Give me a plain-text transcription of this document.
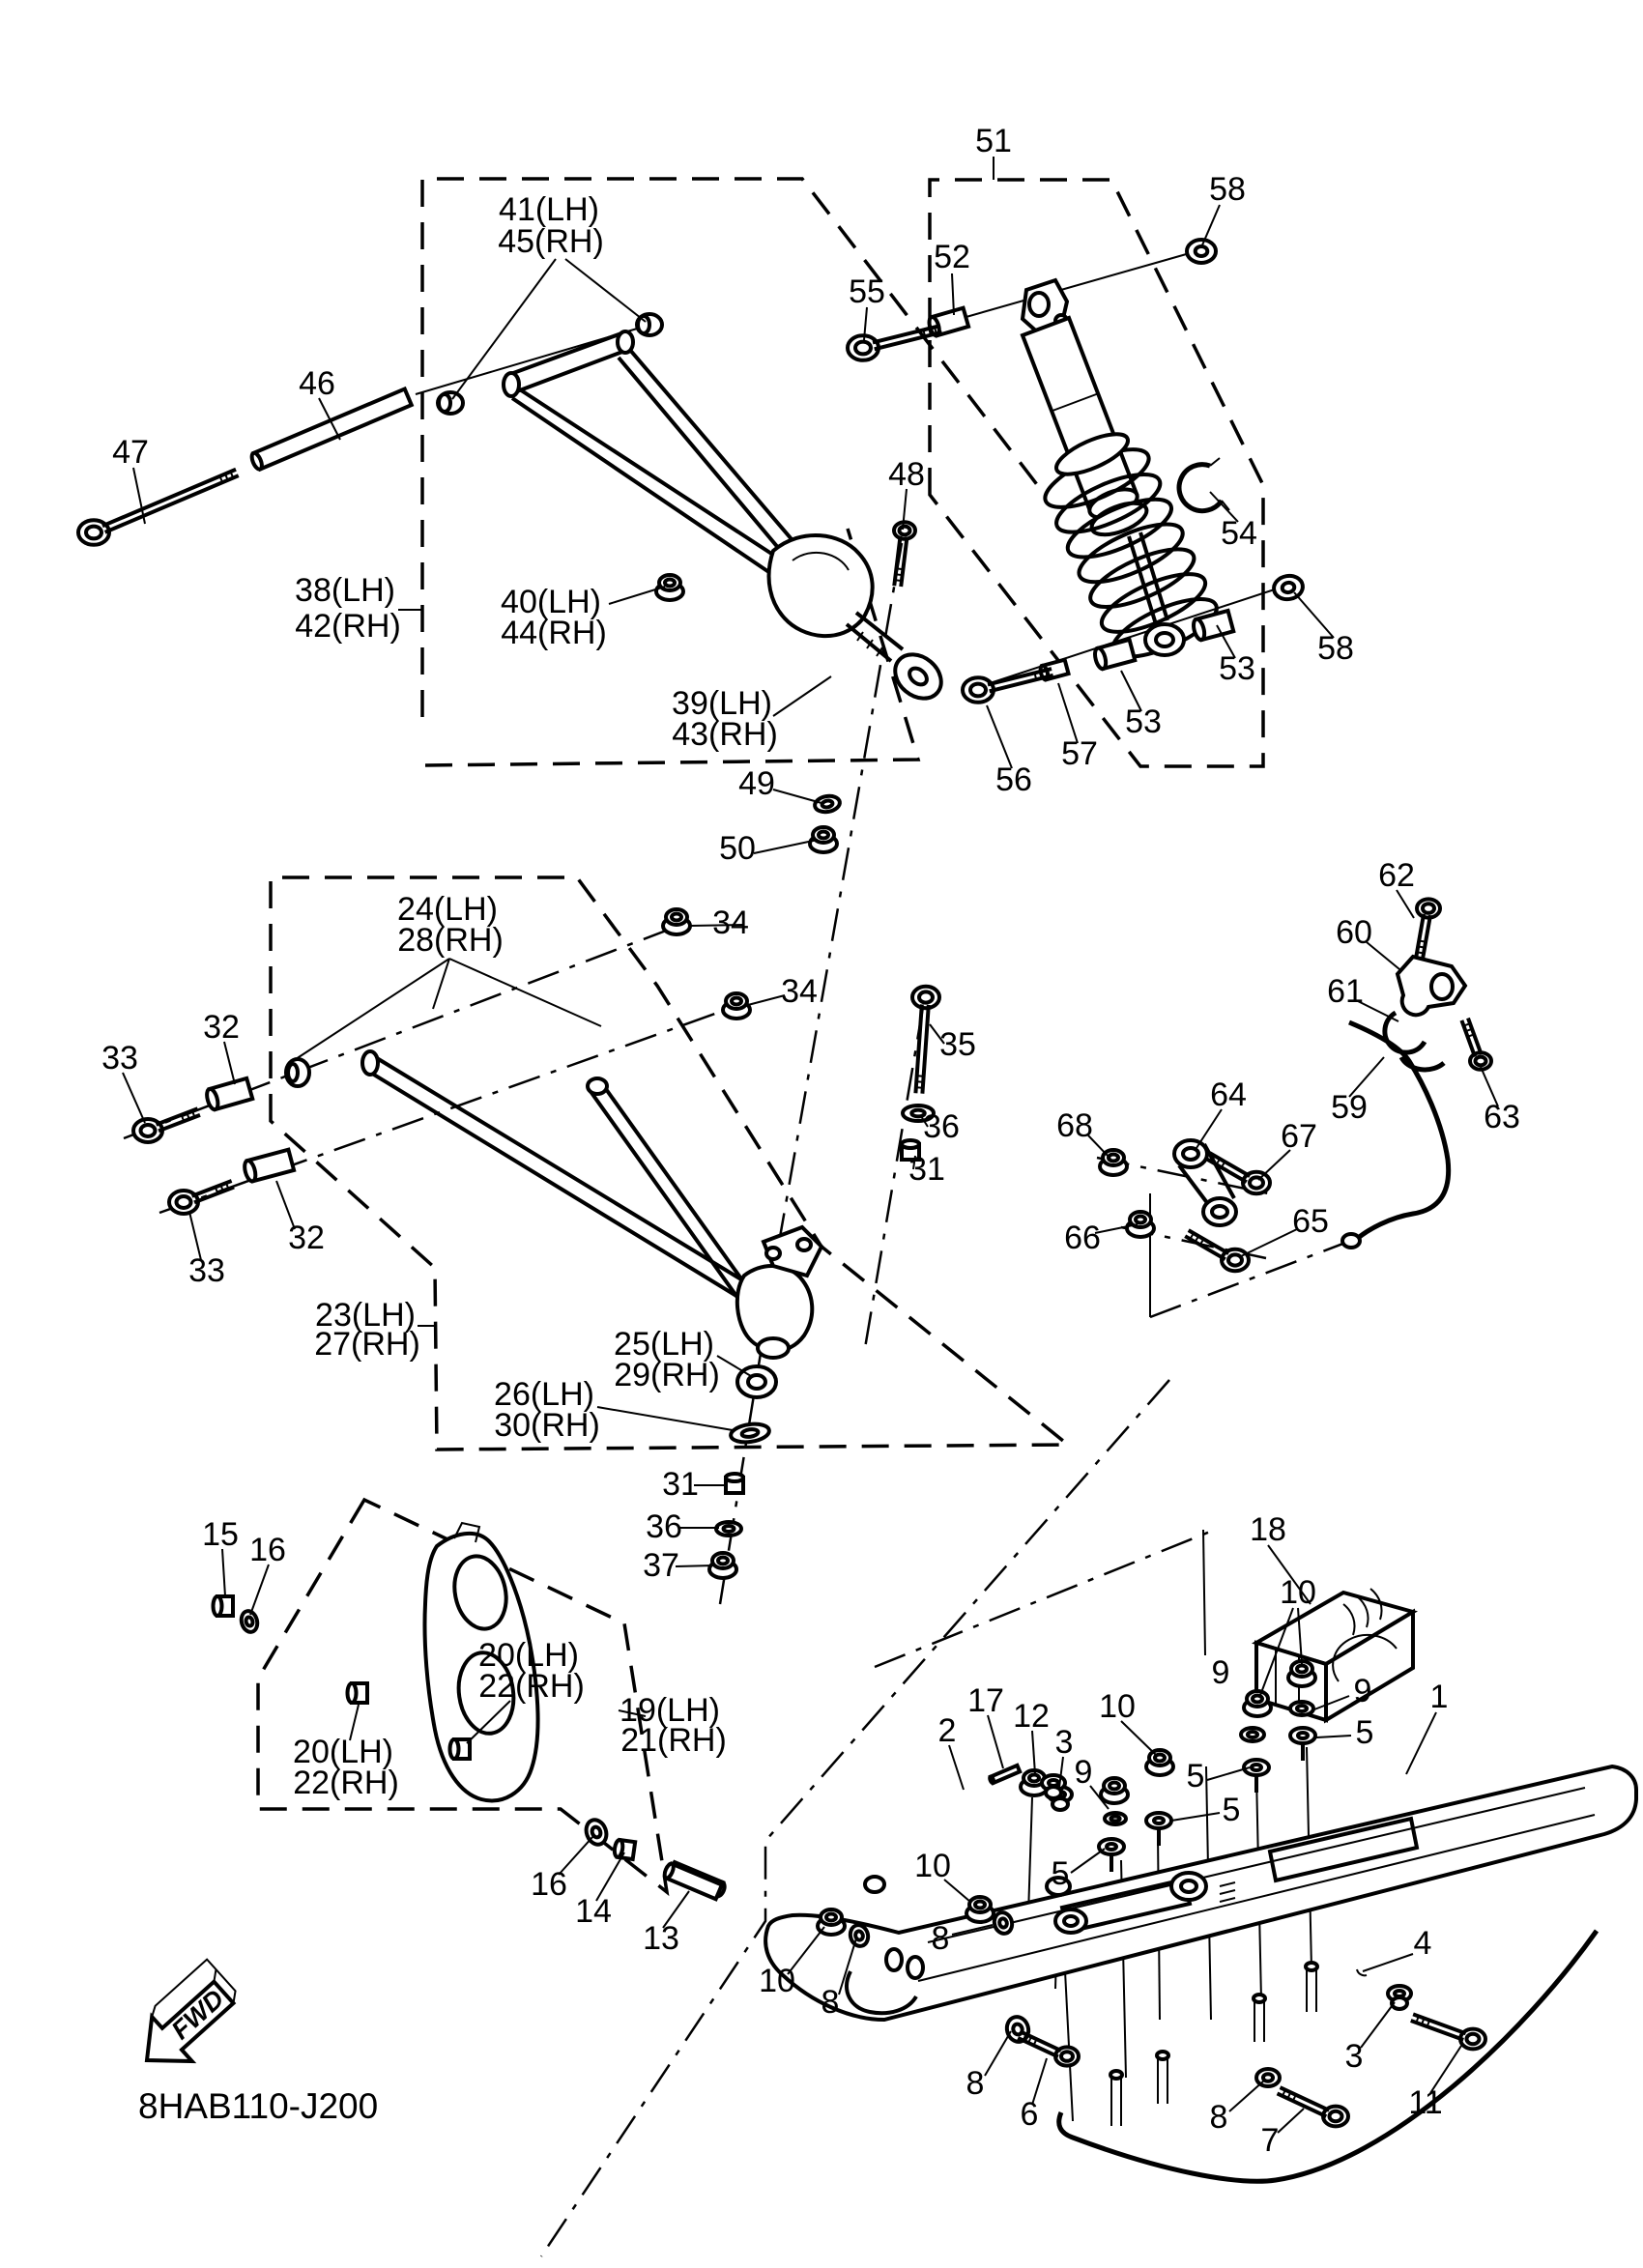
51
58
52
55
41(LH)
45(RH)
46
47
38(LH)
42(RH)
40(LH)
44(RH)
39(LH)
43(RH)
48
54
58
53
53
57
56
49
50
24(LH)
28(RH)	34
34
35
36
31
32
33
32
33
62
60
61
59	63
64
68	67
66	65
23(LH)
27(RH)	25(LH)
29(RH)
26(LH)
30(RH)
31
36
37
15 16
20(LH)
22(RH)
20(LH)
22(RH)
19(LH)
21(RH)
16
14
13
18
10
9	9 1
5
2
17 12
3
10
9	5
5
5
10
8
10
8
8
6	8
7
4
3
11
FWD
8HAB110-J200
